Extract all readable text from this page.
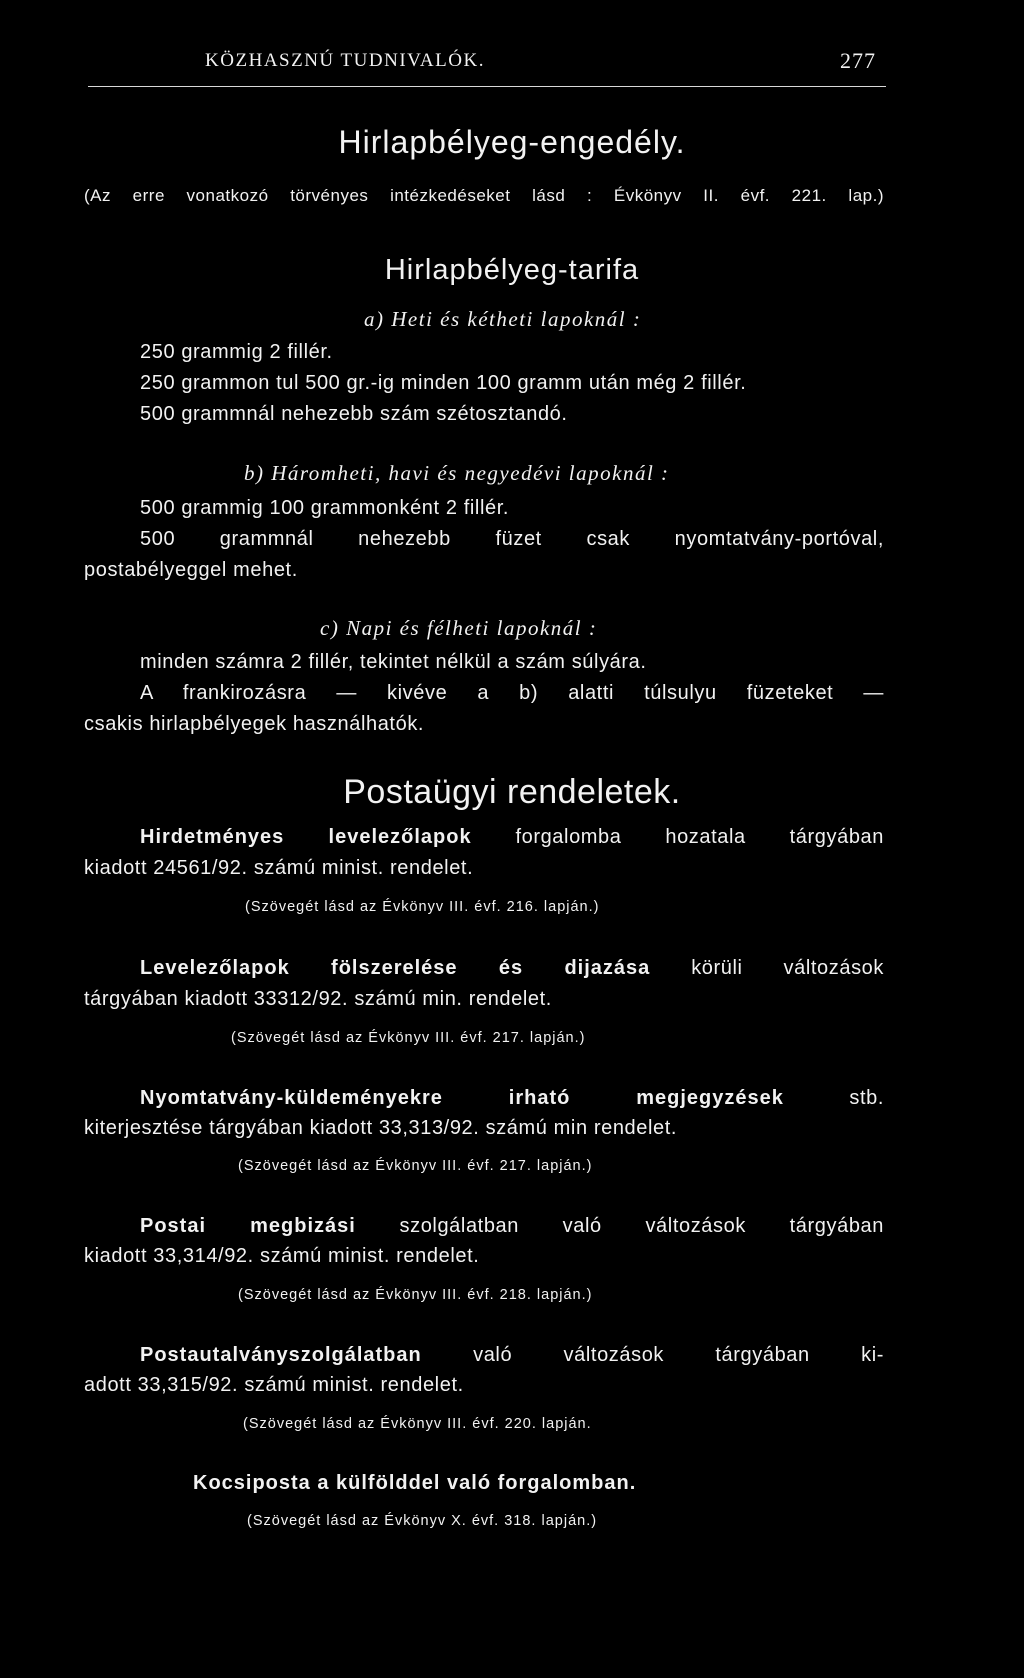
KÖZHASZNÚ TUDNIVALÓK.	277

Hirlapbélyeg-engedély.

(Az erre vonatkozó törvényes intézkedéseket lásd : Évkönyv II. évf. 221. lap.)

Hirlapbélyeg-tarifa

a) Heti és kétheti lapoknál :

250 grammig 2 fillér.

250 grammon tul 500 gr.-ig minden 100 gramm után még 2 fillér.

500 grammnál nehezebb szám szétosztandó.

b) Háromheti, havi és negyedévi lapoknál :

500 grammig 100 grammonként 2 fillér.

500 grammnál nehezebb füzet csak nyomtatvány-portóval,

postabélyeggel mehet.

c) Napi és félheti lapoknál :

minden számra 2 fillér, tekintet nélkül a szám súlyára.

A frankirozásra — kivéve a b) alatti túlsulyu füzeteket —

csakis hirlapbélyegek használhatók.

Postaügyi rendeletek.

Hirdetményes levelezőlapok forgalomba hozatala tárgyában

kiadott 24561/92. számú minist. rendelet.

(Szövegét lásd az Évkönyv III. évf. 216. lapján.)

Levelezőlapok fölszerelése és dijazása körüli változások

tárgyában kiadott 33312/92. számú min. rendelet.

(Szövegét lásd az Évkönyv III. évf. 217. lapján.)

Nyomtatvány-küldeményekre irható megjegyzések stb.

kiterjesztése tárgyában kiadott 33,313/92. számú min rendelet.

(Szövegét lásd az Évkönyv III. évf. 217. lapján.)

Postai megbizási szolgálatban való változások tárgyában

kiadott 33,314/92. számú minist. rendelet.

(Szövegét lásd az Évkönyv III. évf. 218. lapján.)

Postautalványszolgálatban való változások tárgyában ki-

adott 33,315/92. számú minist. rendelet.

(Szövegét lásd az Évkönyv III. évf. 220. lapján.

Kocsiposta a külfölddel való forgalomban.

(Szövegét lásd az Évkönyv X. évf. 318. lapján.)
